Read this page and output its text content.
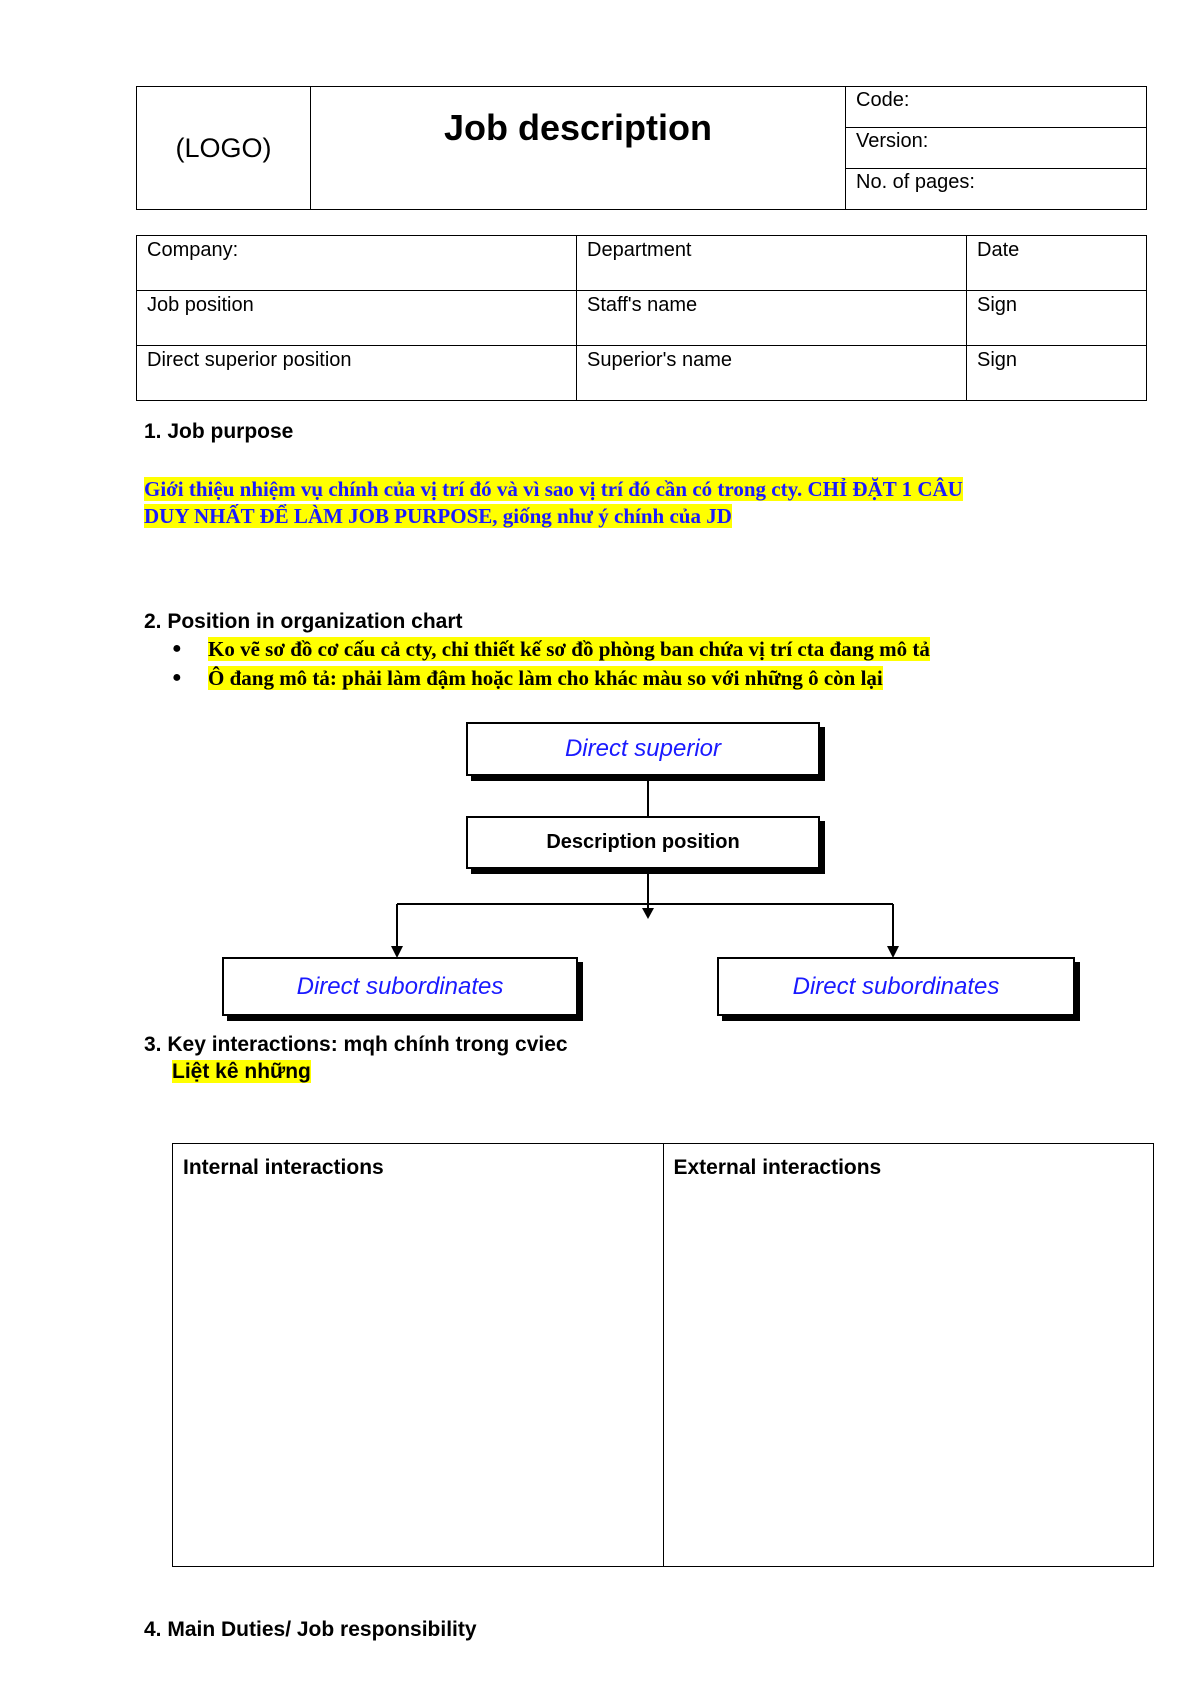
(LOGO)	Job description

Code:

Version:

No. of pages:
Company:	Department	Date
Job position	Staff's name	Sign
Direct superior position	Superior's name	Sign
1. Job purpose
Giới thiệu nhiệm vụ chính của vị trí đó và vì sao vị trí đó cần có trong cty. CHỈ ĐẶT 1 CÂU
DUY NHẤT ĐỂ LÀM JOB PURPOSE, giống như ý chính của JD
2. Position in organization chart
● Ko vẽ sơ đồ cơ cấu cả cty, chỉ thiết kế sơ đồ phòng ban chứa vị trí cta đang mô tả
● Ô đang mô tả: phải làm đậm hoặc làm cho khác màu so với những ô còn lại
Direct superior
Description position
Direct subordinates	Direct subordinates
3. Key interactions: mqh chính trong cviec
Liệt kê những
Internal interactions	External interactions
4. Main Duties/ Job responsibility
